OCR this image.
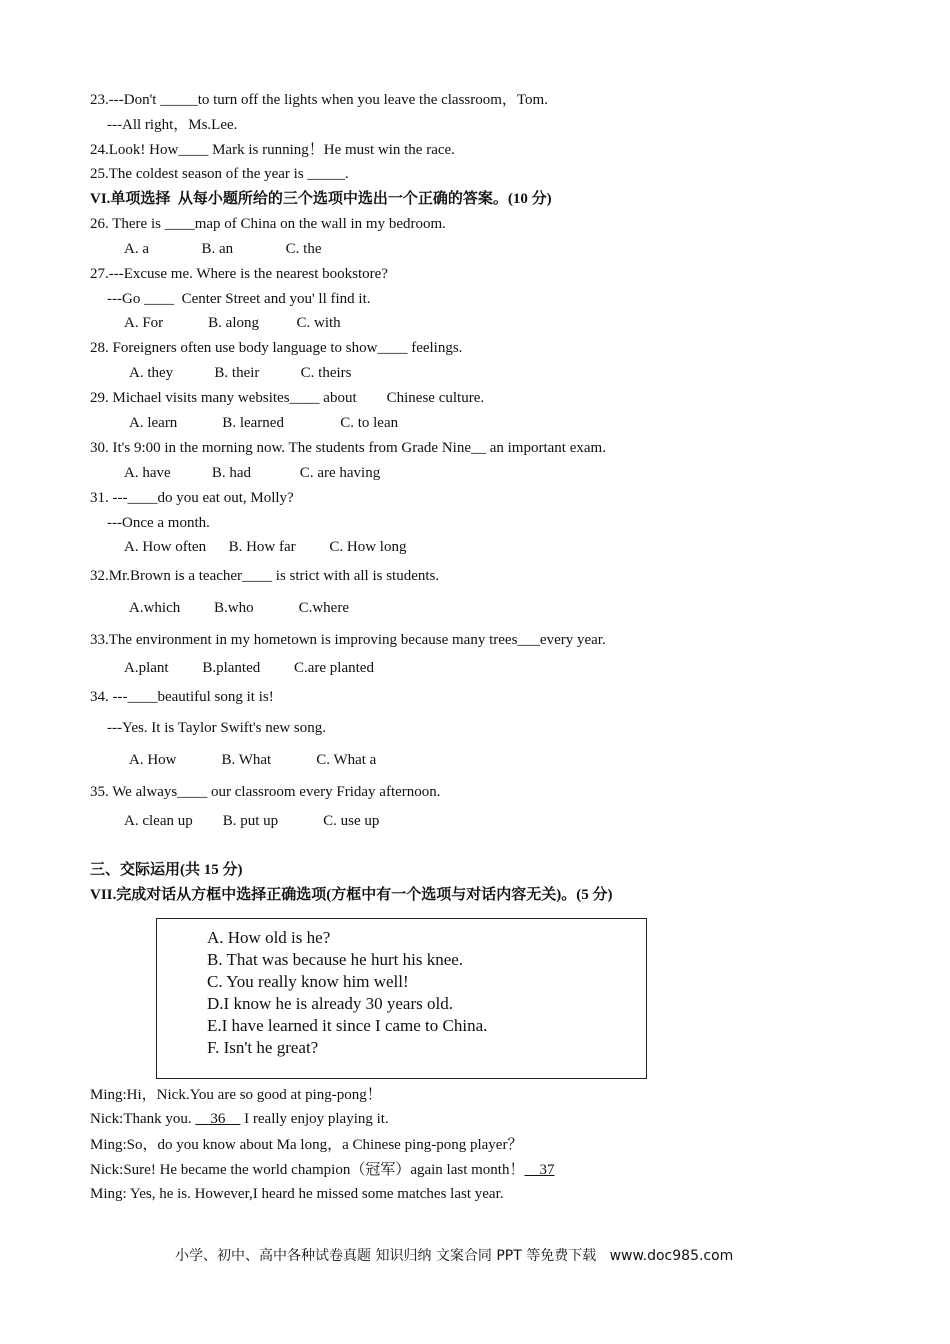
23.---Don't _____to turn off the lights when you leave the classroom，Tom.
---All right，Ms.Lee.
24.Look! How____ Mark is running！He must win the race.
25.The coldest season of the year is _____.
VI.单项选择  从每小题所给的三个选项中选出一个正确的答案。(10 分)
26. There is ____map of China on the wall in my bedroom.
A. a              B. an              C. the
27.---Excuse me. Where is the nearest bookstore?
---Go ____  Center Street and you' ll find it.
A. For            B. along          C. with
28. Foreigners often use body language to show____ feelings.
A. they           B. their           C. theirs
29. Michael visits many websites____ about        Chinese culture.
A. learn            B. learned               C. to lean
30. It's 9:00 in the morning now. The students from Grade Nine__ an important exam.
A. have           B. had             C. are having
31. ---____do you eat out, Molly?
---Once a month.
A. How often      B. How far         C. How long
32.Mr.Brown is a teacher____ is strict with all is students.
A.which         B.who            C.where
33.The environment in my hometown is improving because many trees___every year.
A.plant         B.planted         C.are planted
34. ---____beautiful song it is!
---Yes. It is Taylor Swift's new song.
A. How            B. What            C. What a
35. We always____ our classroom every Friday afternoon.
A. clean up        B. put up            C. use up
三、交际运用(共 15 分)
VII.完成对话从方框中选择正确选项(方框中有一个选项与对话内容无关)。(5 分)
A. How old is he?
B. That was because he hurt his knee.
C. You really know him well!
D.I know he is already 30 years old.
E.I have learned it since I came to China.
F. Isn't he great?
Ming:Hi，Nick.You are so good at ping-pong！
Nick:Thank you.     36     I really enjoy playing it.
Ming:So，do you know about Ma long，a Chinese ping-pong player？
Nick:Sure! He became the world champion（冠军）again last month！    37
Ming: Yes, he is. However,I heard he missed some matches last year.
小学、初中、高中各种试卷真题 知识归纳 文案合同 PPT 等免费下载   www.doc985.com
